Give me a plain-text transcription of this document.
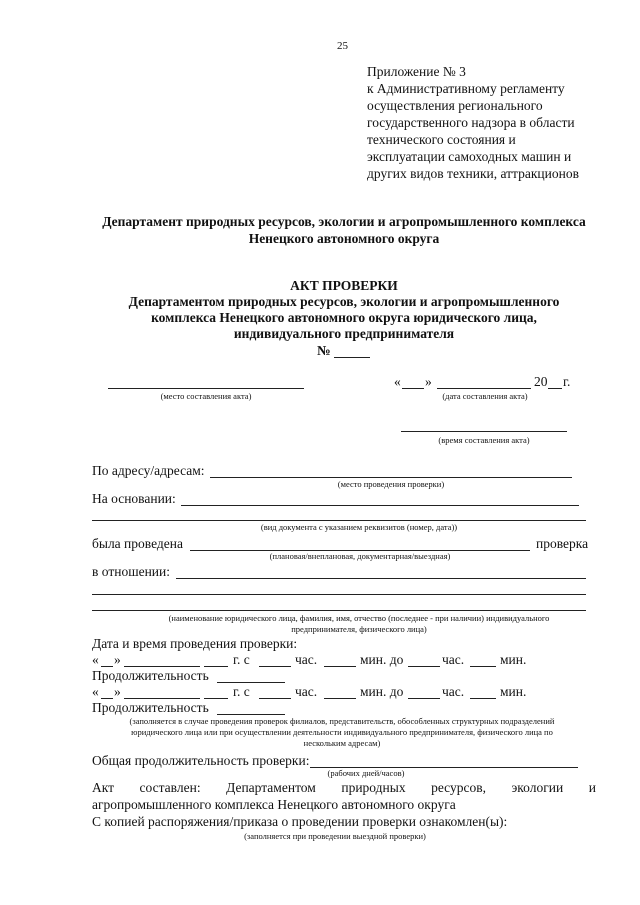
25
Приложение № 3
к Административному регламенту
осуществления регионального
государственного надзора в области
технического состояния и
эксплуатации самоходных машин и
других видов техники, аттракционов
Департамент природных ресурсов, экологии и агропромышленного комплекса
Ненецкого автономного округа
АКТ ПРОВЕРКИ
Департаментом природных ресурсов, экологии и агропромышленного
комплекса Ненецкого автономного округа юридического лица,
индивидуального предпринимателя
№
(место составления акта)
« »	20 г.
(дата составления акта)
(время составления акта)
По адресу/адресам:
(место проведения проверки)
На основании:
(вид документа с указанием реквизитов (номер, дата))
была проведена	проверка
(плановая/внеплановая, документарная/выездная)
в отношении:
(наименование юридического лица, фамилия, имя, отчество (последнее - при наличии) индивидуального
предпринимателя, физического лица)
Дата и время проведения проверки:
« »	г. с	час.	мин. до	час.	мин.
Продолжительность
« »	г. с	час.	мин. до	час.	мин.
Продолжительность
(заполняется в случае проведения проверок филиалов, представительств, обособленных структурных подразделений
юридического лица или при осуществлении деятельности индивидуального предпринимателя, физического лица по
нескольким адресам)
Общая продолжительность проверки:
(рабочих дней/часов)
Акт составлен: Департаментом природных ресурсов, экологии и
агропромышленного комплекса Ненецкого автономного округа
С копией распоряжения/приказа о проведении проверки ознакомлен(ы):
(заполняется при проведении выездной проверки)
